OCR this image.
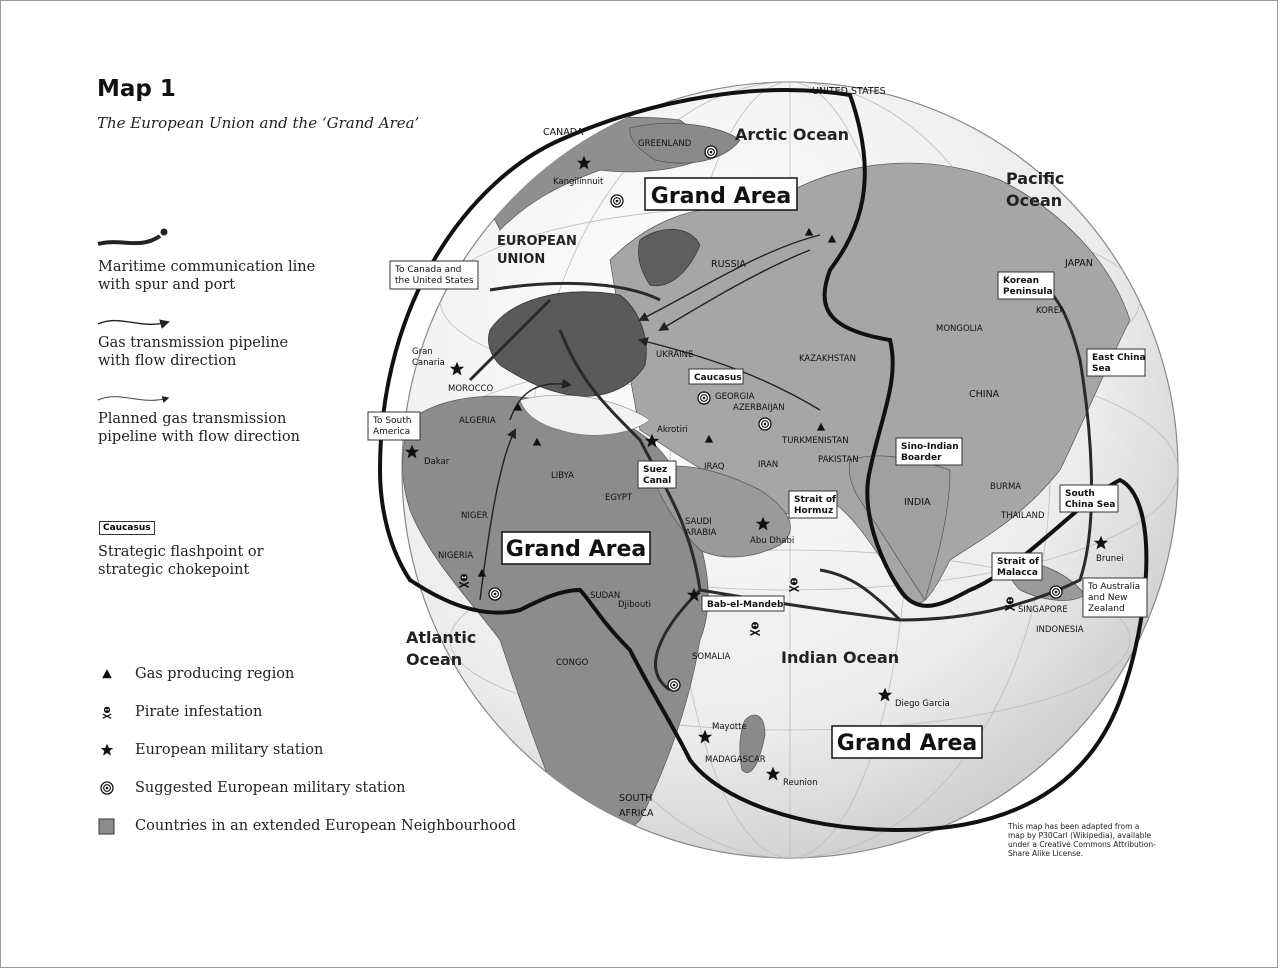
Map 1
The European Union and the ‘Grand Area’
Maritime communication line
with spur and port
Gas transmission pipeline
with flow direction
Planned gas transmission
pipeline with flow direction
Caucasus
Strategic flashpoint or
strategic chokepoint
Gas producing region
Pirate infestation
European military station
Suggested European military station
Countries in an extended European Neighbourhood	This map has been adapted from a map by P30Carl (Wikipedia), available under a Creative Commons Attribution-Share Alike License.
Grand Area
Grand Area
Grand Area
Arctic Ocean
Pacific
Ocean
Atlantic
Ocean	Indian Ocean
EUROPEAN
UNION
UNITED STATES
CANADA
GREENLAND
Kangilinnuit
RUSSIA	JAPAN
KOREA
MONGOLIA
KAZAKHSTAN
UKRAINE
CHINA
Gran
Canaria
MOROCCO
ALGERIA
LIBYA
EGYPT
GEORGIA
AZERBAIJAN
TURKMENISTAN
Akrotiri
IRAQ	IRAN	PAKISTAN
INDIA
BURMA
THAILAND
Dakar
NIGER
NIGERIA
SAUDI
ARABIA
Abu Dhabi
SUDAN
Djibouti
SOMALIA
CONGO
Mayotte
MADAGASCAR
Reunion
Diego Garcia
SOUTH
AFRICA
SINGAPORE
INDONESIA
Brunei
To Canada and
the United States
To South
America
Caucasus
Suez
Canal
Strait of
Hormuz
Sino-Indian
Boarder
Korean
Peninsula
East China
Sea
South
China Sea
Strait of
Malacca
To Australia
and New
Zealand
Bab-el-Mandeb
